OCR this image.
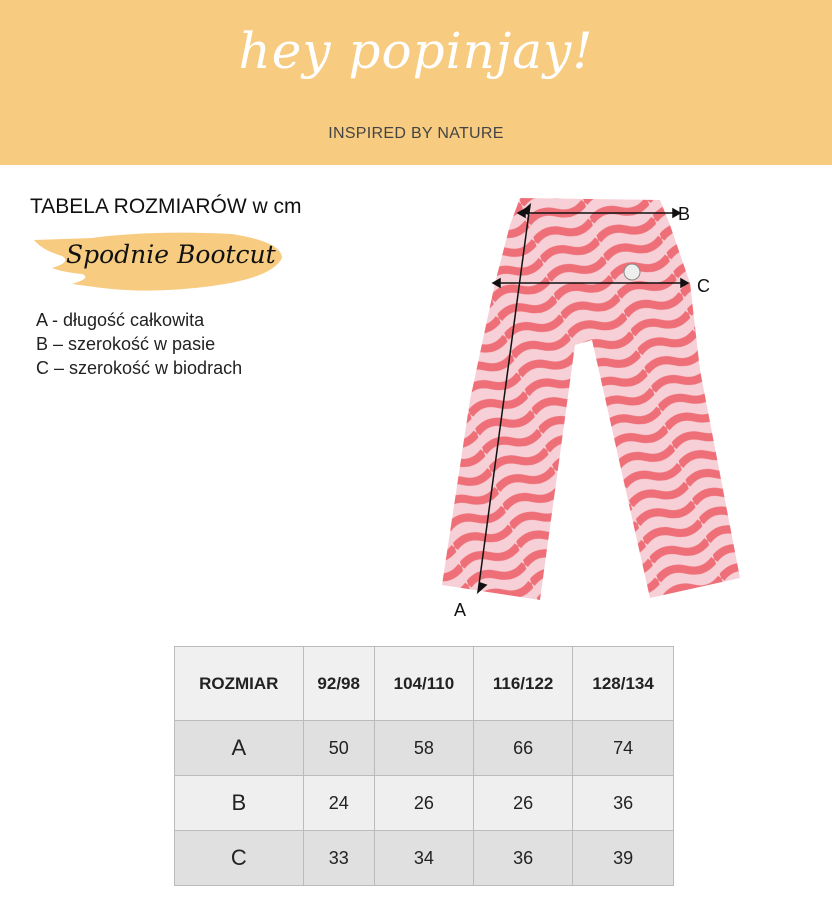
hey popinjay!
INSPIRED BY NATURE
TABELA ROZMIARÓW w cm
Spodnie Bootcut
A - długość całkowita
B – szerokość w pasie
C – szerokość w biodrach
B
C
A
ROZMIAR	92/98	104/110	116/122	128/134
A	50	58	66	74
B	24	26	26	36
C	33	34	36	39
